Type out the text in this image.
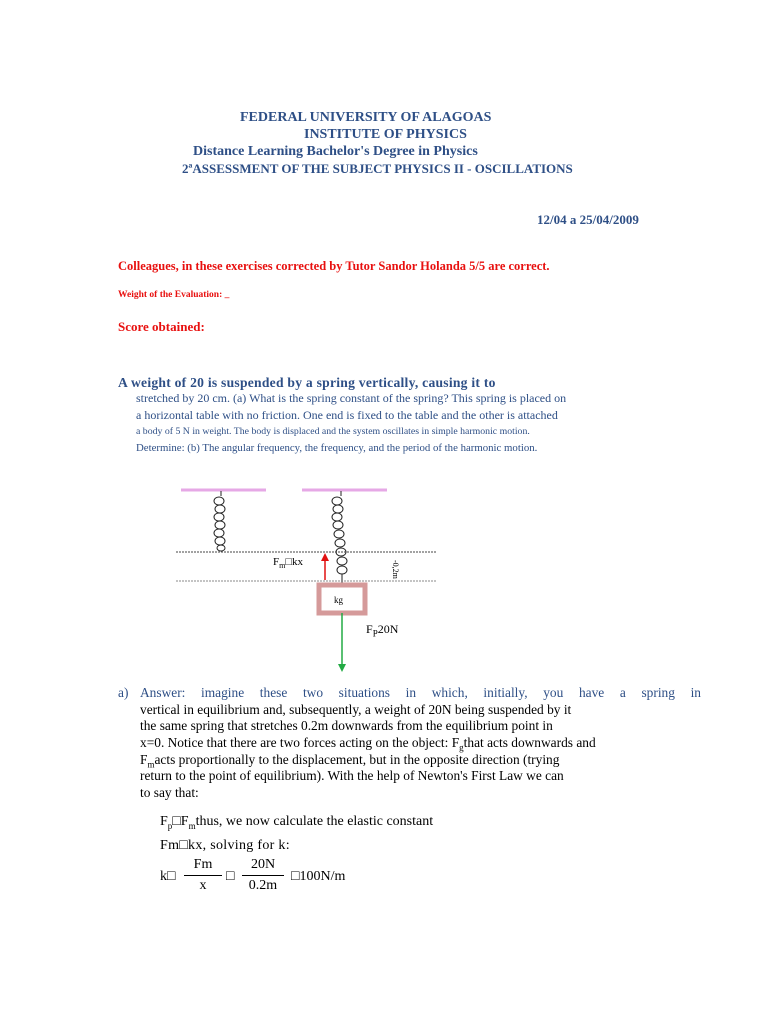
FEDERAL UNIVERSITY OF ALAGOAS
INSTITUTE OF PHYSICS
Distance Learning Bachelor's Degree in Physics
2ªASSESSMENT OF THE SUBJECT PHYSICS II - OSCILLATIONS
12/04 a 25/04/2009
Colleagues, in these exercises corrected by Tutor Sandor Holanda 5/5 are correct.
Weight of the Evaluation: _
Score obtained:
A weight of 20 is suspended by a spring vertically, causing it to
stretched by 20 cm. (a) What is the spring constant of the spring? This spring is placed on
a horizontal table with no friction. One end is fixed to the table and the other is attached
a body of 5 N in weight. The body is displaced and the system oscillates in simple harmonic motion.
Determine: (b) The angular frequency, the frequency, and the period of the harmonic motion.
$F_m□kx$	-0,2m
kg
$F_P20N$
a) Answer: imagine these two situations in which, initially, you have a spring in
vertical in equilibrium and, subsequently, a weight of 20N being suspended by it
the same spring that stretches 0.2m downwards from the equilibrium point in
x=0. Notice that there are two forces acting on the object: $F_gthat$ acts downwards and
$F_macts$ proportionally to the displacement, but in the opposite direction (trying
return to the point of equilibrium). With the help of Newton's First Law we can
to say that:
$F_p□F_mthus$, we now calculate the elastic constant
Fm□kx, solving for k:
k□
Fm
x
□
20N
0.2m
□100N/m
